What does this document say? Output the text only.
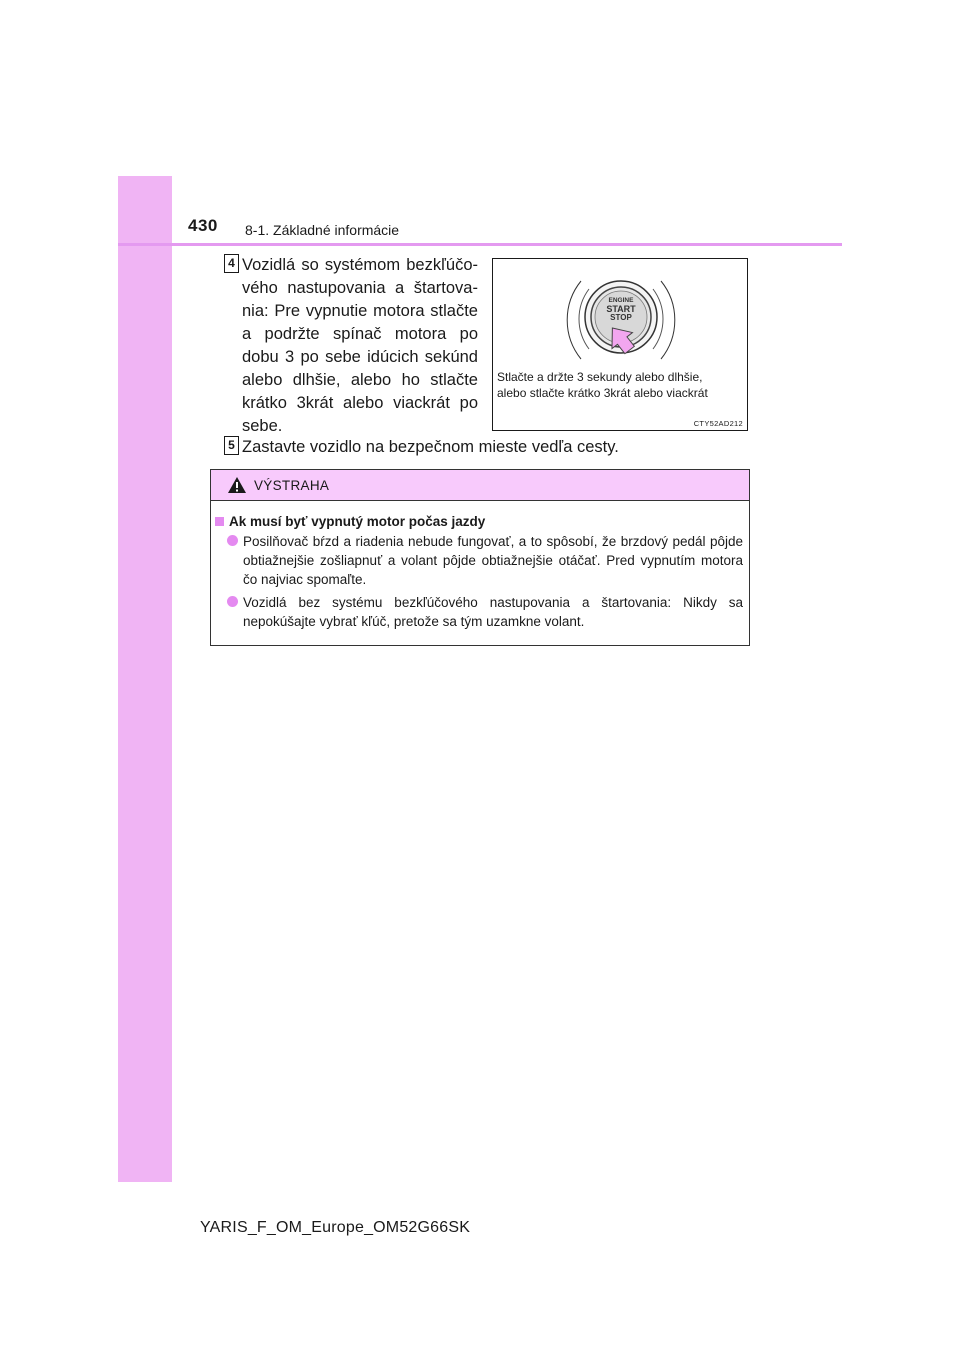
430 8-1. Základné informácie
4 Vozidlá so systémom bezkľúčového nastupovania a štartovania: Pre vypnutie motora stlačte a podržte spínač motora po dobu 3 po sebe idúcich sekúnd alebo dlhšie, alebo ho stlačte krátko 3krát alebo viackrát po sebe.
ENGINE
START
STOP
Stlačte a držte 3 sekundy alebo dlhšie,
alebo stlačte krátko 3krát alebo viackrát
CTY52AD212
5 Zastavte vozidlo na bezpečnom mieste vedľa cesty.
VÝSTRAHA
Ak musí byť vypnutý motor počas jazdy
Posilňovač bŕzd a riadenia nebude fungovať, a to spôsobí, že brzdový pedál pôjde obtiažnejšie zošliapnuť a volant pôjde obtiažnejšie otáčať. Pred vypnutím motora čo najviac spomaľte.
Vozidlá bez systému bezkľúčového nastupovania a štartovania: Nikdy sa nepokúšajte vybrať kľúč, pretože sa tým uzamkne volant.
YARIS_F_OM_Europe_OM52G66SK
